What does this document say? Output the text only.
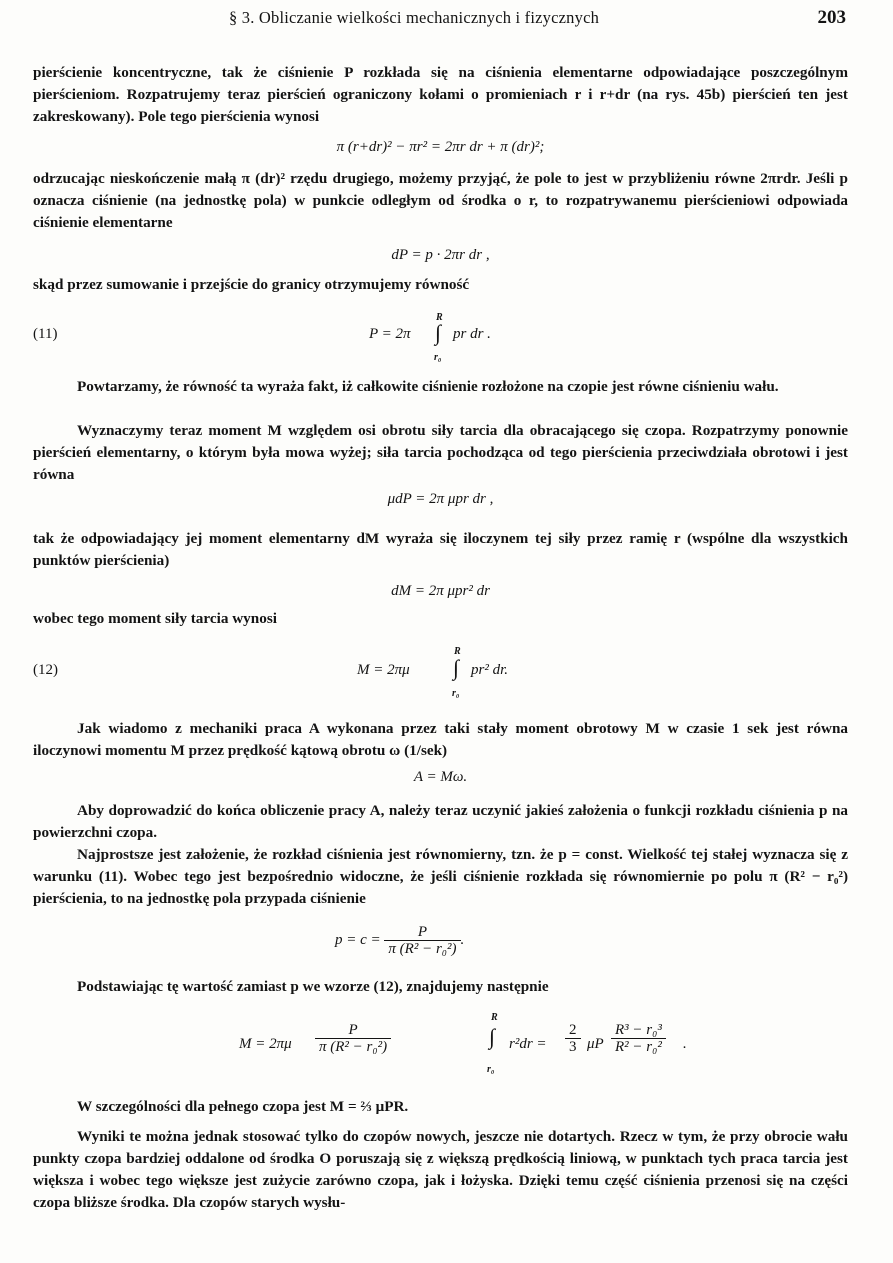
§ 3. Obliczanie wielkości mechanicznych i fizycznych	203

pierścienie koncentryczne, tak że ciśnienie P rozkłada się na ciśnienia elementarne odpowiadające poszczególnym pierścieniom. Rozpatrujemy teraz pierścień ograniczony kołami o promieniach r i r+dr (na rys. 45b) pierścień ten jest zakreskowany). Pole tego pierścienia wynosi

π (r+dr)² − πr² = 2πr dr + π (dr)²;

odrzucając nieskończenie małą π (dr)² rzędu drugiego, możemy przyjąć, że pole to jest w przybliżeniu równe 2πrdr. Jeśli p oznacza ciśnienie (na jednostkę pola) w punkcie odległym od środka o r, to rozpatrywanemu pierścieniowi odpowiada ciśnienie elementarne

dP = p · 2πr dr ,

skąd przez sumowanie i przejście do granicy otrzymujemy równość

(11)	P = 2π
R
∫
r₀
pr dr .

Powtarzamy, że równość ta wyraża fakt, iż całkowite ciśnienie rozłożone na czopie jest równe ciśnieniu wału.

Wyznaczymy teraz moment M względem osi obrotu siły tarcia dla obracającego się czopa. Rozpatrzymy ponownie pierścień elementarny, o którym była mowa wyżej; siła tarcia pochodząca od tego pierścienia przeciwdziała obrotowi i jest równa

μdP = 2π μpr dr ,

tak że odpowiadający jej moment elementarny dM wyraża się iloczynem tej siły przez ramię r (wspólne dla wszystkich punktów pierścienia)

dM = 2π μpr² dr

wobec tego moment siły tarcia wynosi

(12)	M = 2πμ
R
∫
r₀
pr² dr.

Jak wiadomo z mechaniki praca A wykonana przez taki stały moment obrotowy M w czasie 1 sek jest równa iloczynowi momentu M przez prędkość kątową obrotu ω (1/sek)

A = Mω.

Aby doprowadzić do końca obliczenie pracy A, należy teraz uczynić jakieś założenia o funkcji rozkładu ciśnienia p na powierzchni czopa.

Najprostsze jest założenie, że rozkład ciśnienia jest równomierny, tzn. że p = const. Wielkość tej stałej wyznacza się z warunku (11). Wobec tego jest bezpośrednio widoczne, że jeśli ciśnienie rozkłada się równomiernie po polu π (R² − r₀²) pierścienia, to na jednostkę pola przypada ciśnienie

$p = c = \frac{P}{\text{π (R² − r₀²)}}$ .

Podstawiając tę wartość zamiast p we wzorze (12), znajdujemy następnie

$M = 2\pi\mu \frac{P}{\text{π (R² − r₀²)}}$
R
∫
r₀
$r^2dr = \frac{2}{3}$ μP $\frac{\text{R³ − r₀³}}{\text{R² − r₀²}}$ .

W szczególności dla pełnego czopa jest M = ⅔ μPR.

Wyniki te można jednak stosować tylko do czopów nowych, jeszcze nie dotartych. Rzecz w tym, że przy obrocie wału punkty czopa bardziej oddalone od środka O poruszają się z większą prędkością liniową, w punktach tych praca tarcia jest większa i wobec tego większe jest zużycie zarówno czopa, jak i łożyska. Dzięki temu część ciśnienia przenosi się na części czopa bliższe środka. Dla czopów starych wysłu-
